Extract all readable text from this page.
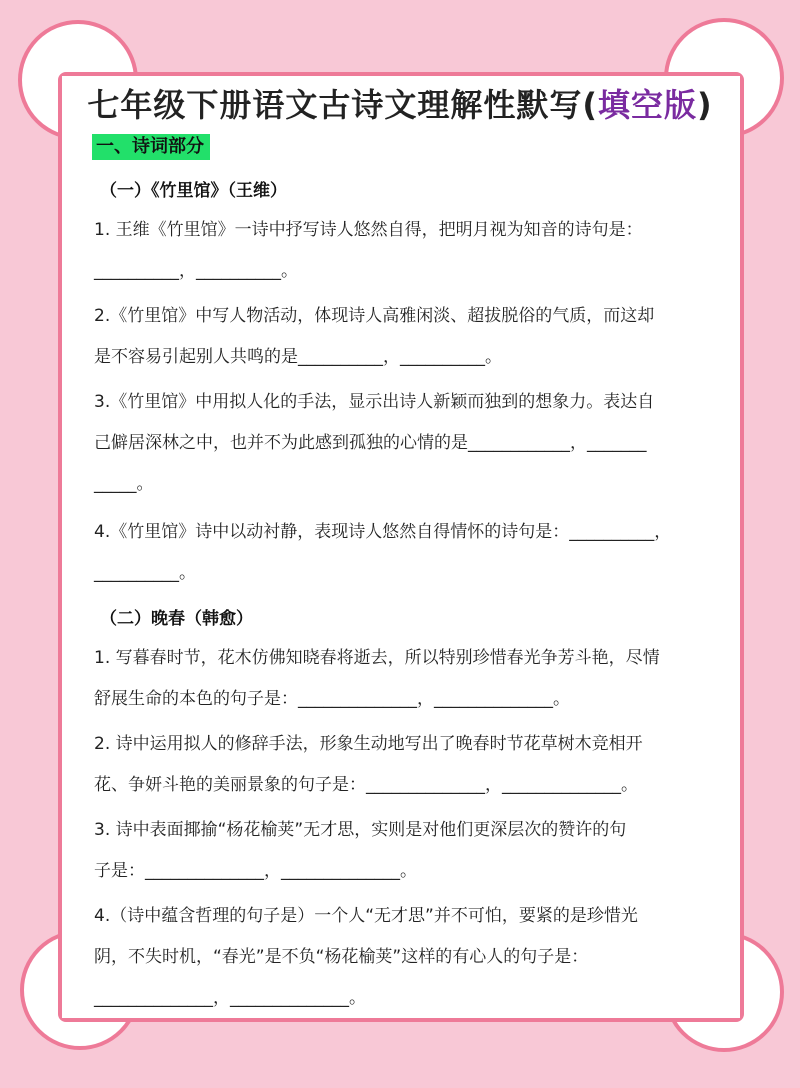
七年级下册语文古诗文理解性默写(填空版)
一、诗词部分
（一）《竹里馆》（王维）
1. 王维《竹里馆》一诗中抒写诗人悠然自得，把明月视为知音的诗句是：
__________，__________。
2.《竹里馆》中写人物活动，体现诗人高雅闲淡、超拔脱俗的气质，而这却
是不容易引起别人共鸣的是__________，__________。
3.《竹里馆》中用拟人化的手法，显示出诗人新颖而独到的想象力。表达自
己僻居深林之中，也并不为此感到孤独的心情的是____________，_______
_____。
4.《竹里馆》诗中以动衬静，表现诗人悠然自得情怀的诗句是：__________，
__________。
（二）晚春（韩愈）
1. 写暮春时节，花木仿佛知晓春将逝去，所以特别珍惜春光争芳斗艳，尽情
舒展生命的本色的句子是：______________，______________。
2. 诗中运用拟人的修辞手法，形象生动地写出了晚春时节花草树木竞相开
花、争妍斗艳的美丽景象的句子是：______________，______________。
3. 诗中表面揶揄“杨花榆荚”无才思，实则是对他们更深层次的赞许的句
子是：______________，______________。
4.（诗中蕴含哲理的句子是）一个人“无才思”并不可怕，要紧的是珍惜光
阴，不失时机，“春光”是不负“杨花榆荚”这样的有心人的句子是：
______________，______________。
